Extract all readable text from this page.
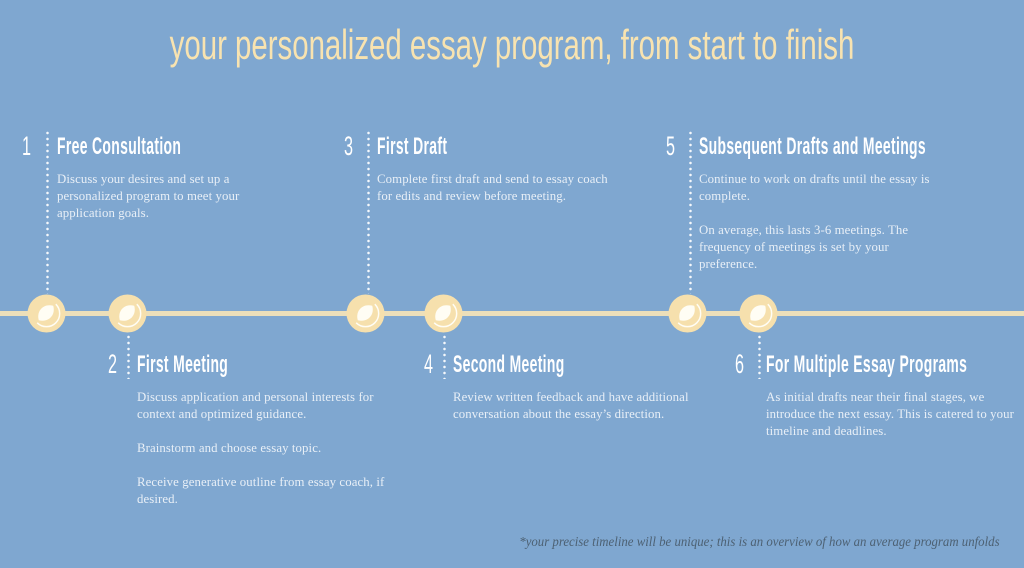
your personalized essay program, from start to finish
1 Free Consultation

Discuss your desires and set up a personalized program to meet your application goals.

2 First Meeting

Discuss application and personal interests for context and optimized guidance.

Brainstorm and choose essay topic.

Receive generative outline from essay coach, if desired.

3 First Draft

Complete first draft and send to essay coach for edits and review before meeting.

4 Second Meeting

Review written feedback and have additional conversation about the essay’s direction.

5 Subsequent Drafts and Meetings

Continue to work on drafts until the essay is complete.

On average, this lasts 3-6 meetings. The frequency of meetings is set by your preference.

6 For Multiple Essay Programs

As initial drafts near their final stages, we introduce the next essay. This is catered to your timeline and deadlines.

*your precise timeline will be unique; this is an overview of how an average program unfolds
